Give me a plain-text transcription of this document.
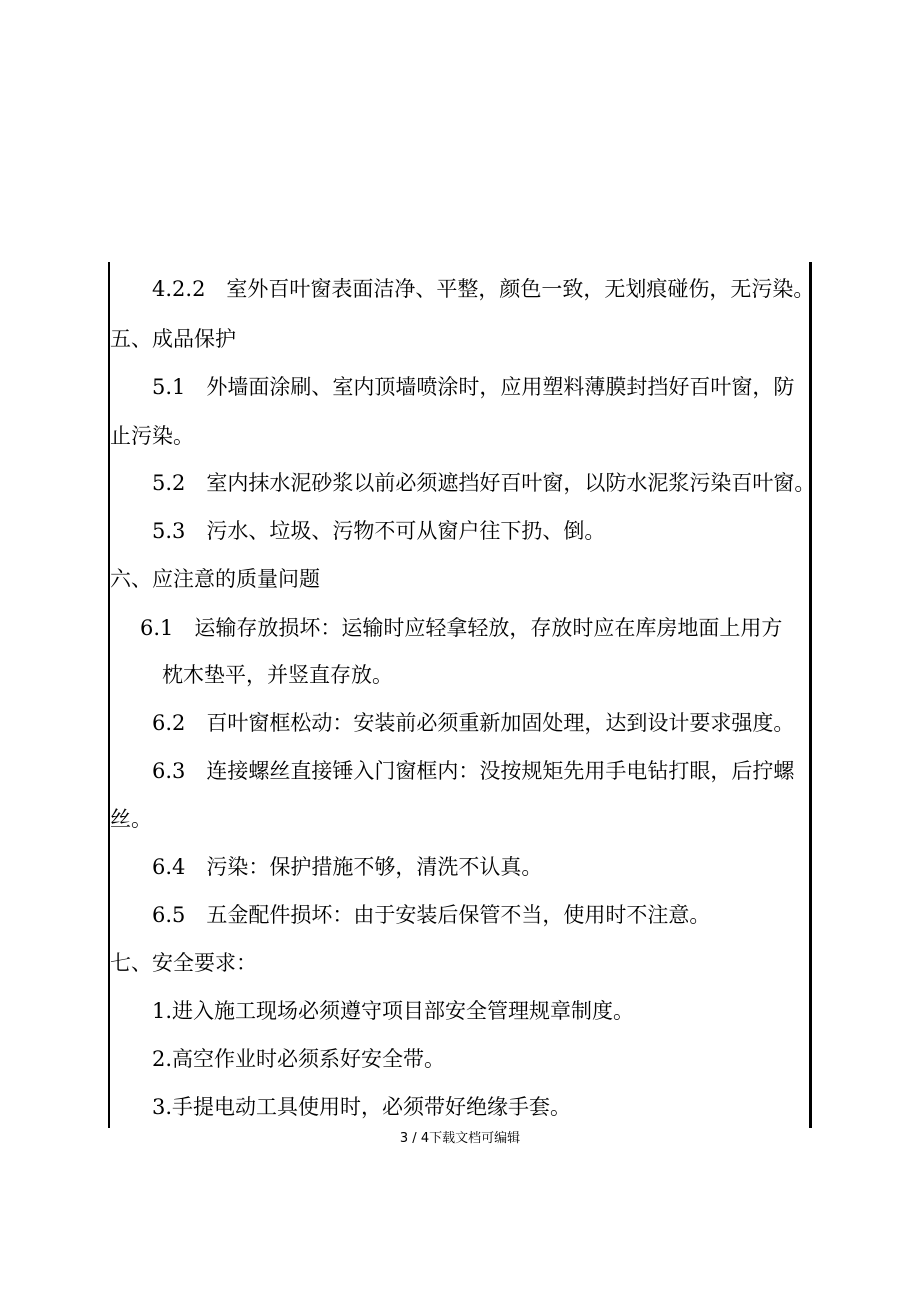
4.2.2　室外百叶窗表面洁净、平整，颜色一致，无划痕碰伤，无污染。
五、成品保护
5.1　外墙面涂刷、室内顶墙喷涂时，应用塑料薄膜封挡好百叶窗，防
止污染。
5.2　室内抹水泥砂浆以前必须遮挡好百叶窗，以防水泥浆污染百叶窗。
5.3　污水、垃圾、污物不可从窗户往下扔、倒。
六、应注意的质量问题
6.1　运输存放损坏：运输时应轻拿轻放，存放时应在库房地面上用方
枕木垫平，并竖直存放。
6.2　百叶窗框松动：安装前必须重新加固处理，达到设计要求强度。
6.3　连接螺丝直接锤入门窗框内：没按规矩先用手电钻打眼，后拧螺
丝。
6.4　污染：保护措施不够，清洗不认真。
6.5　五金配件损坏：由于安装后保管不当，使用时不注意。
七、安全要求：
1.进入施工现场必须遵守项目部安全管理规章制度。
2.高空作业时必须系好安全带。
3.手提电动工具使用时，必须带好绝缘手套。
3 / 4下载文档可编辑
